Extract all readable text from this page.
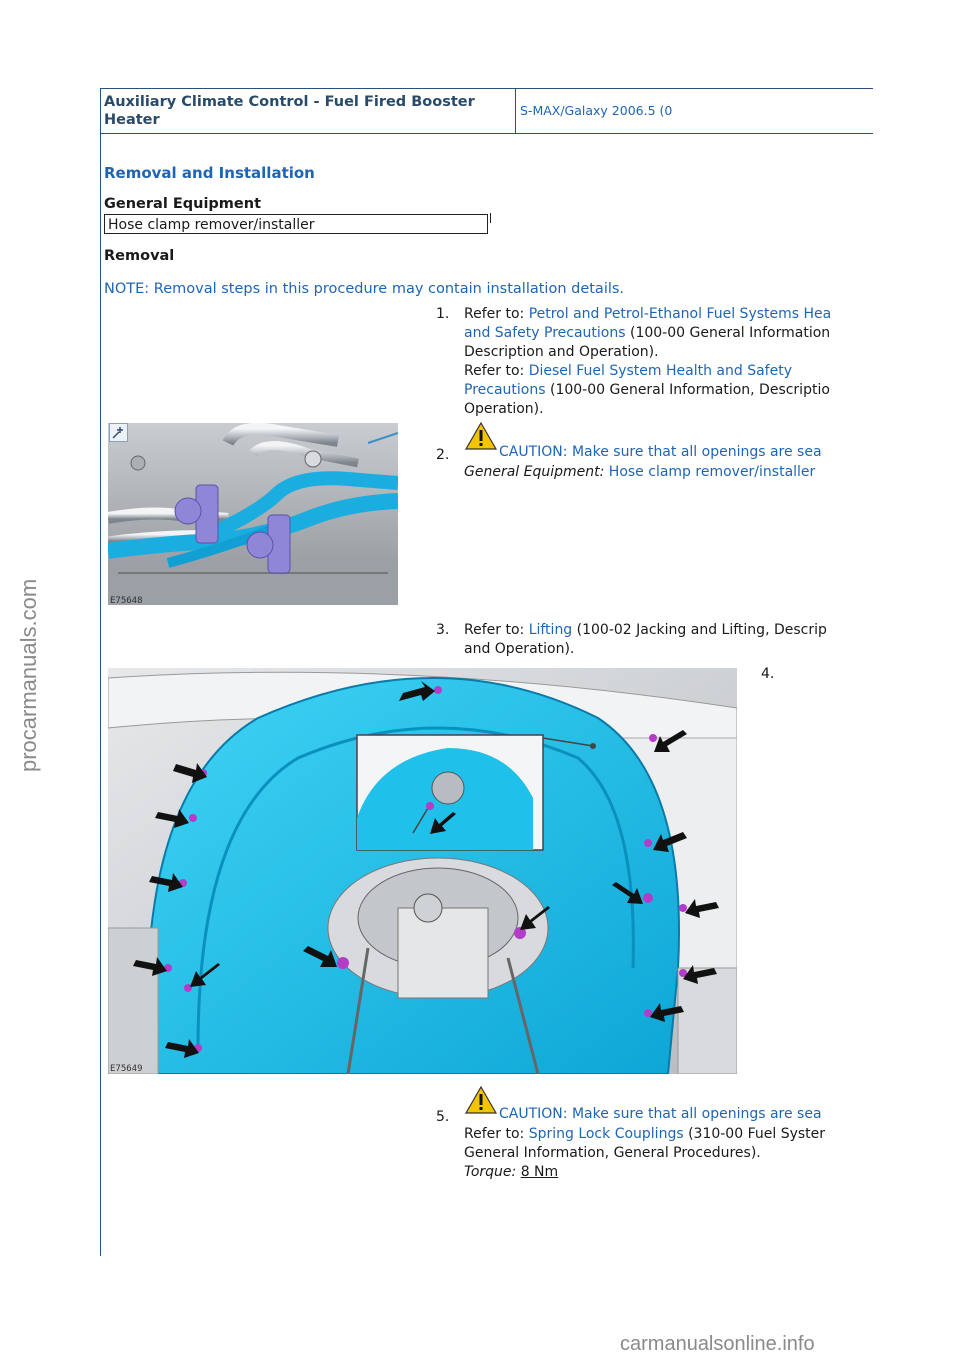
Auxiliary Climate Control - Fuel Fired Booster Heater
S-MAX/Galaxy 2006.5 (0
Removal and Installation
General Equipment
Hose clamp remover/installer
Removal
NOTE: Removal steps in this procedure may contain installation details.
1. Refer to: Petrol and Petrol-Ethanol Fuel Systems Hea
and Safety Precautions (100-00 General Information
Description and Operation).
Refer to: Diesel Fuel System Health and Safety
Precautions (100-00 General Information, Descriptio
Operation).
E75648
2.	CAUTION: Make sure that all openings are sea
General Equipment: Hose clamp remover/installer
3. Refer to: Lifting (100-02 Jacking and Lifting, Descrip
and Operation).
4.
E75649
5.	CAUTION: Make sure that all openings are sea
Refer to: Spring Lock Couplings (310-00 Fuel Syster
General Information, General Procedures).
Torque: 8 Nm
procarmanuals.com
carmanualsonline.info
